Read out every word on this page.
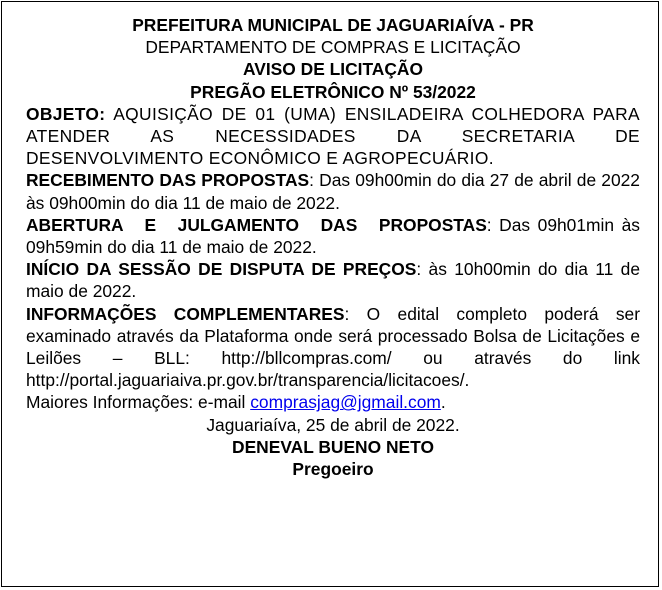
PREFEITURA MUNICIPAL DE JAGUARIAÍVA - PR
DEPARTAMENTO DE COMPRAS E LICITAÇÃO
AVISO DE LICITAÇÃO
PREGÃO ELETRÔNICO Nº 53/2022

OBJETO: AQUISIÇÃO DE 01 (UMA) ENSILADEIRA COLHEDORA PARA ATENDER AS NECESSIDADES DA SECRETARIA DE DESENVOLVIMENTO ECONÔMICO E AGROPECUÁRIO.

RECEBIMENTO DAS PROPOSTAS: Das 09h00min do dia 27 de abril de 2022 às 09h00min do dia 11 de maio de 2022.

ABERTURA E JULGAMENTO DAS PROPOSTAS: Das 09h01min às 09h59min do dia 11 de maio de 2022.

INÍCIO DA SESSÃO DE DISPUTA DE PREÇOS: às 10h00min do dia 11 de maio de 2022.

INFORMAÇÕES COMPLEMENTARES: O edital completo poderá ser examinado através da Plataforma onde será processado Bolsa de Licitações e Leilões – BLL: http://bllcompras.com/ ou através do link http://portal.jaguariaiva.pr.gov.br/transparencia/licitacoes/.

Maiores Informações: e-mail comprasjag@jgmail.com.

Jaguariaíva, 25 de abril de 2022.
DENEVAL BUENO NETO
Pregoeiro
